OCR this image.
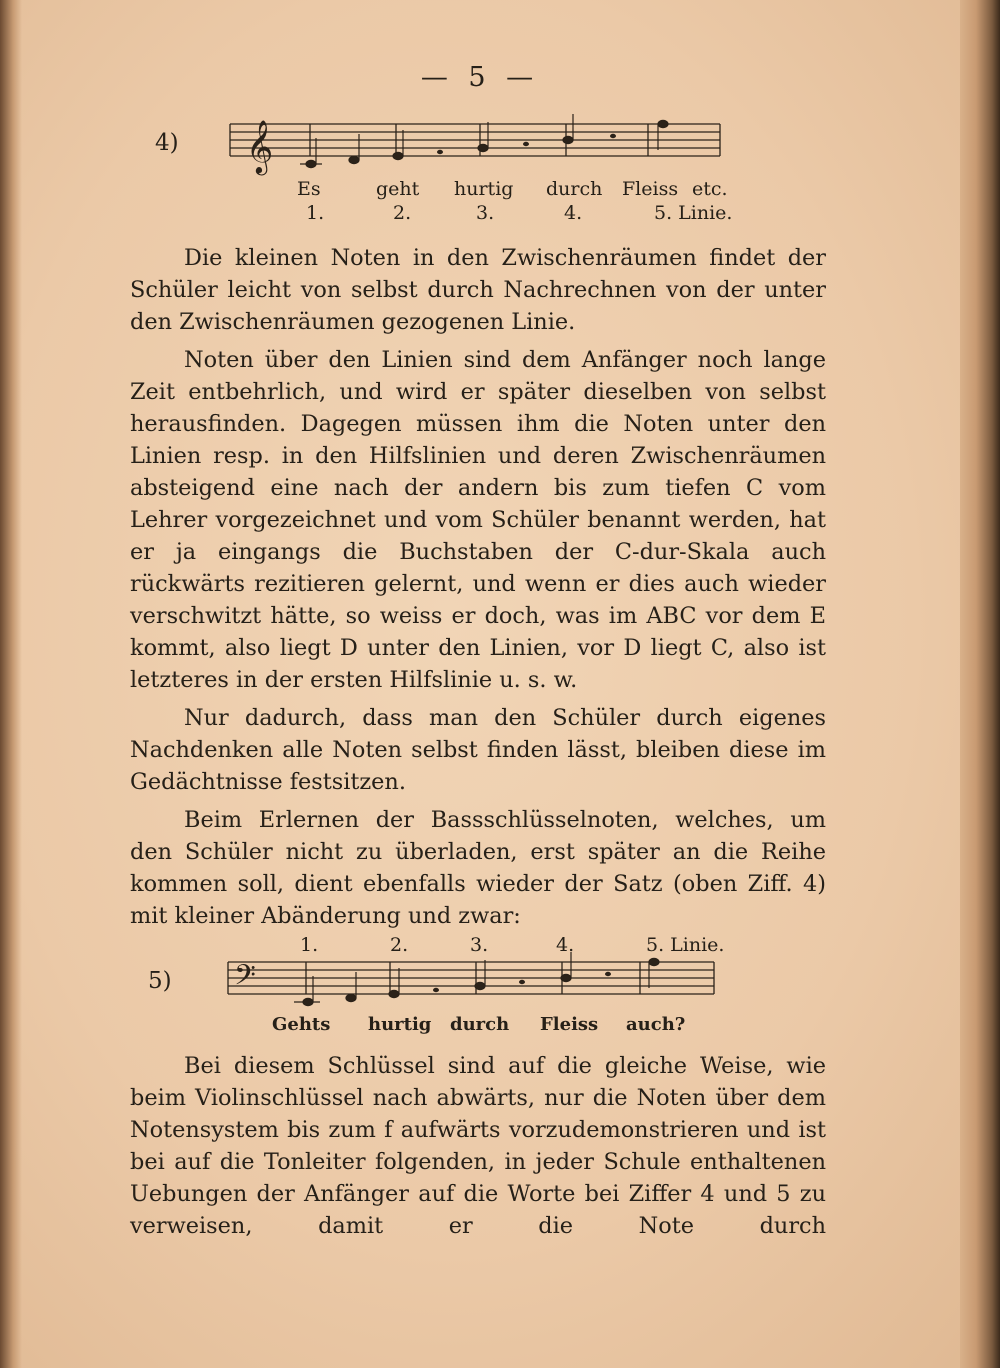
— 5 —
4) 𝄞
Es	geht hurtig durch Fleiss etc.
1.	2.	3.	4.	5. Linie.

Die kleinen Noten in den Zwischenräumen findet der Schüler leicht von selbst durch Nachrechnen von der unter den Zwischenräumen gezogenen Linie.

Noten über den Linien sind dem Anfänger noch lange Zeit entbehrlich, und wird er später dieselben von selbst herausfinden. Dagegen müssen ihm die Noten unter den Linien resp. in den Hilfslinien und deren Zwischenräumen absteigend eine nach der andern bis zum tiefen C vom Lehrer vorgezeichnet und vom Schüler benannt werden, hat er ja eingangs die Buchstaben der C-dur-Skala auch rückwärts rezitieren gelernt, und wenn er dies auch wieder verschwitzt hätte, so weiss er doch, was im ABC vor dem E kommt, also liegt D unter den Linien, vor D liegt C, also ist letzteres in der ersten Hilfslinie u. s. w.

Nur dadurch, dass man den Schüler durch eigenes Nachdenken alle Noten selbst finden lässt, bleiben diese im Gedächtnisse festsitzen.

Beim Erlernen der Bassschlüsselnoten, welches, um den Schüler nicht zu überladen, erst später an die Reihe kommen soll, dient ebenfalls wieder der Satz (oben Ziff. 4) mit kleiner Abänderung und zwar:

1.	2.	3.	4.	5. Linie.
5) 𝄢
Gehts hurtig durch Fleiss auch?

Bei diesem Schlüssel sind auf die gleiche Weise, wie beim Violinschlüssel nach abwärts, nur die Noten über dem Notensystem bis zum f aufwärts vorzudemonstrieren und ist bei auf die Tonleiter folgenden, in jeder Schule enthaltenen Uebungen der Anfänger auf die Worte bei Ziffer 4 und 5 zu verweisen, damit er die Note durch
